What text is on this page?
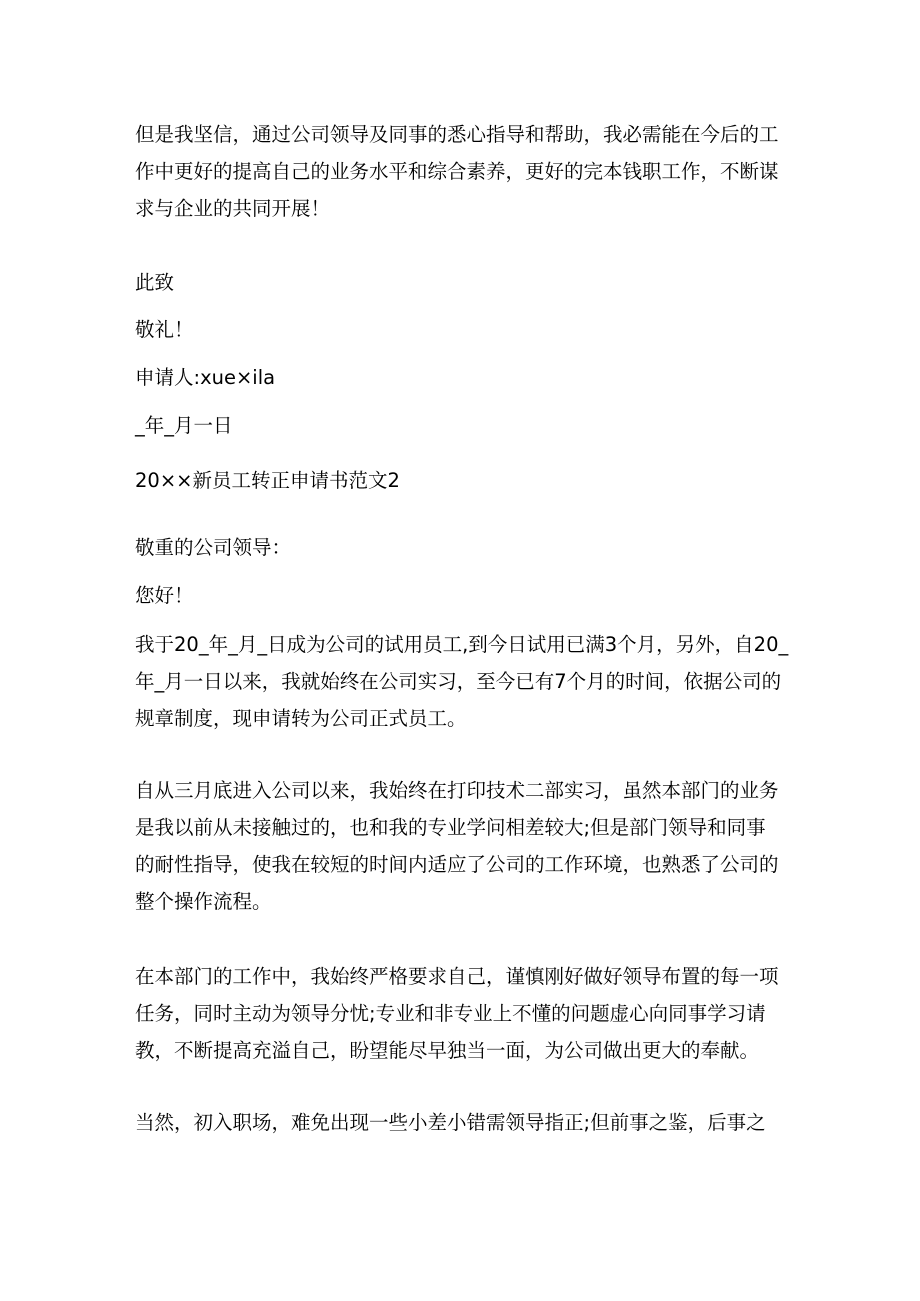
但是我坚信，通过公司领导及同事的悉心指导和帮助，我必需能在今后的工
作中更好的提高自己的业务水平和综合素养，更好的完本钱职工作，不断谋
求与企业的共同开展！

此致

敬礼！

申请人:xue×ila

_年_月一日

20××新员工转正申请书范文2

敬重的公司领导：

您好！

我于20_年_月_日成为公司的试用员工,到今日试用已满3个月，另外，自20_
年_月一日以来，我就始终在公司实习，至今已有7个月的时间，依据公司的
规章制度，现申请转为公司正式员工。

自从三月底进入公司以来，我始终在打印技术二部实习，虽然本部门的业务
是我以前从未接触过的，也和我的专业学问相差较大;但是部门领导和同事
的耐性指导，使我在较短的时间内适应了公司的工作环境，也熟悉了公司的
整个操作流程。

在本部门的工作中，我始终严格要求自己，谨慎刚好做好领导布置的每一项
任务，同时主动为领导分忧;专业和非专业上不懂的问题虚心向同事学习请
教，不断提高充溢自己，盼望能尽早独当一面，为公司做出更大的奉献。

当然，初入职场，难免出现一些小差小错需领导指正;但前事之鉴，后事之
